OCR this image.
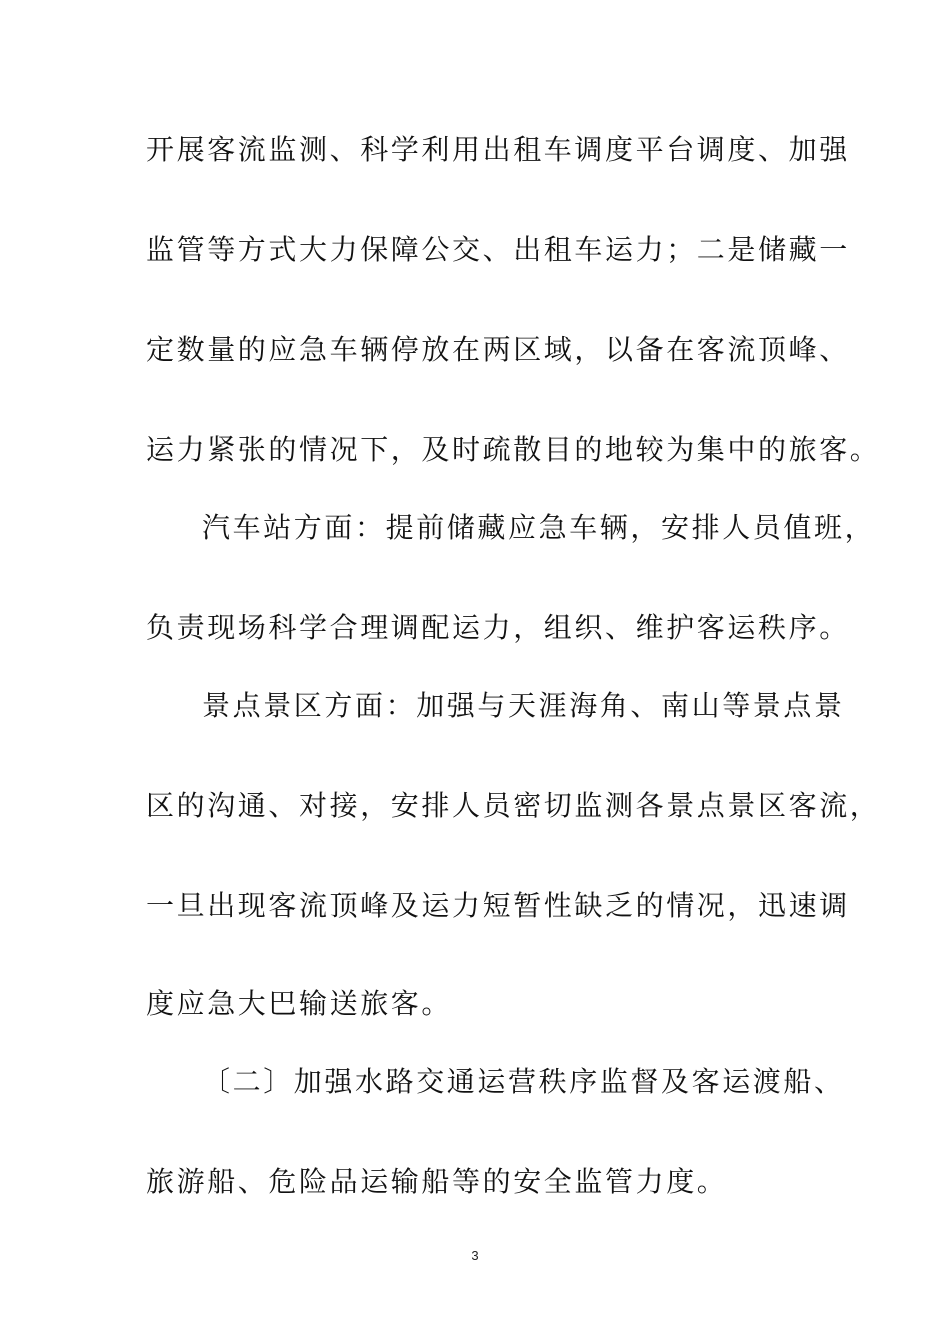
开展客流监测、科学利用出租车调度平台调度、加强
监管等方式大力保障公交、出租车运力；二是储藏一
定数量的应急车辆停放在两区域，以备在客流顶峰、
运力紧张的情况下，及时疏散目的地较为集中的旅客。
汽车站方面：提前储藏应急车辆，安排人员值班，
负责现场科学合理调配运力，组织、维护客运秩序。
景点景区方面：加强与天涯海角、南山等景点景
区的沟通、对接，安排人员密切监测各景点景区客流，
一旦出现客流顶峰及运力短暂性缺乏的情况，迅速调
度应急大巴输送旅客。
〔二〕加强水路交通运营秩序监督及客运渡船、
旅游船、危险品运输船等的安全监管力度。
3
